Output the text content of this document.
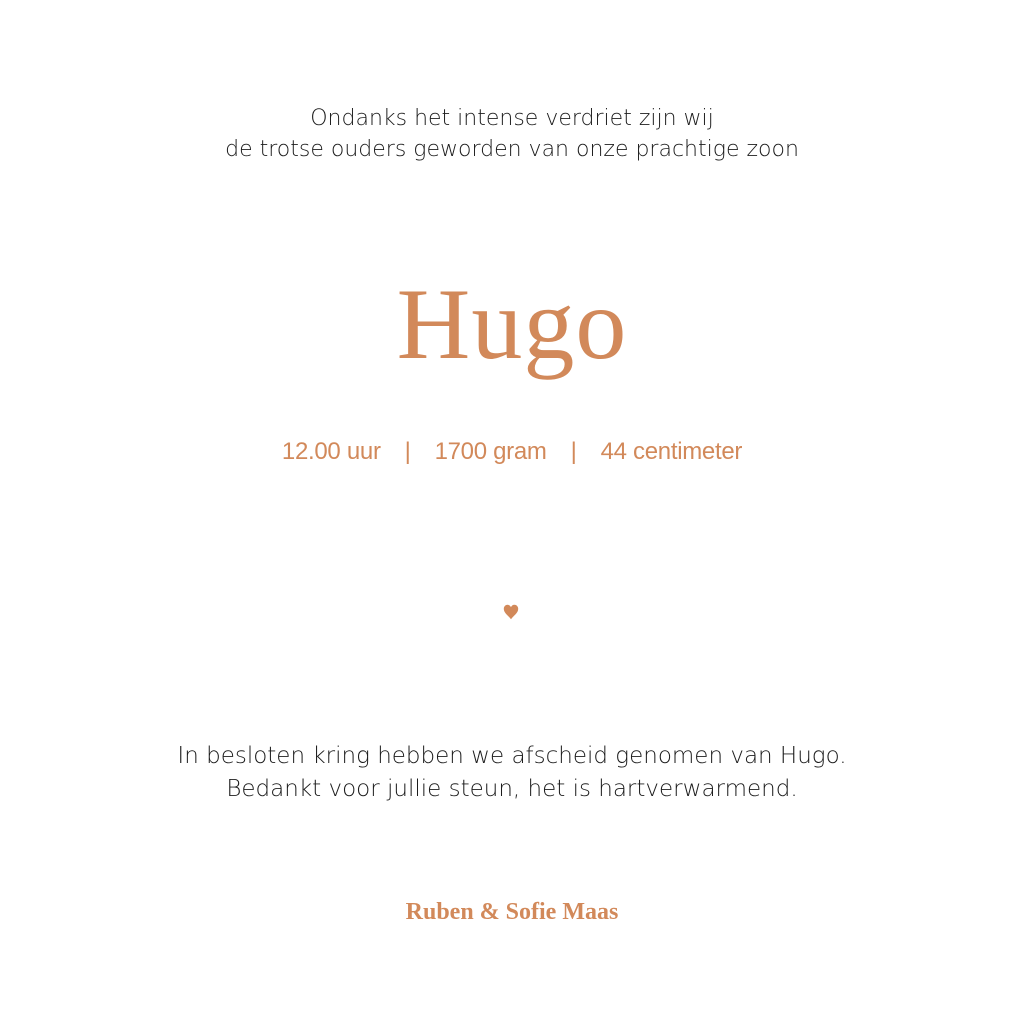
Ondanks het intense verdriet zijn wij
de trotse ouders geworden van onze prachtige zoon
Hugo
12.00 uur | 1700 gram | 44 centimeter
In besloten kring hebben we afscheid genomen van Hugo.
Bedankt voor jullie steun, het is hartverwarmend.
Ruben & Sofie Maas
